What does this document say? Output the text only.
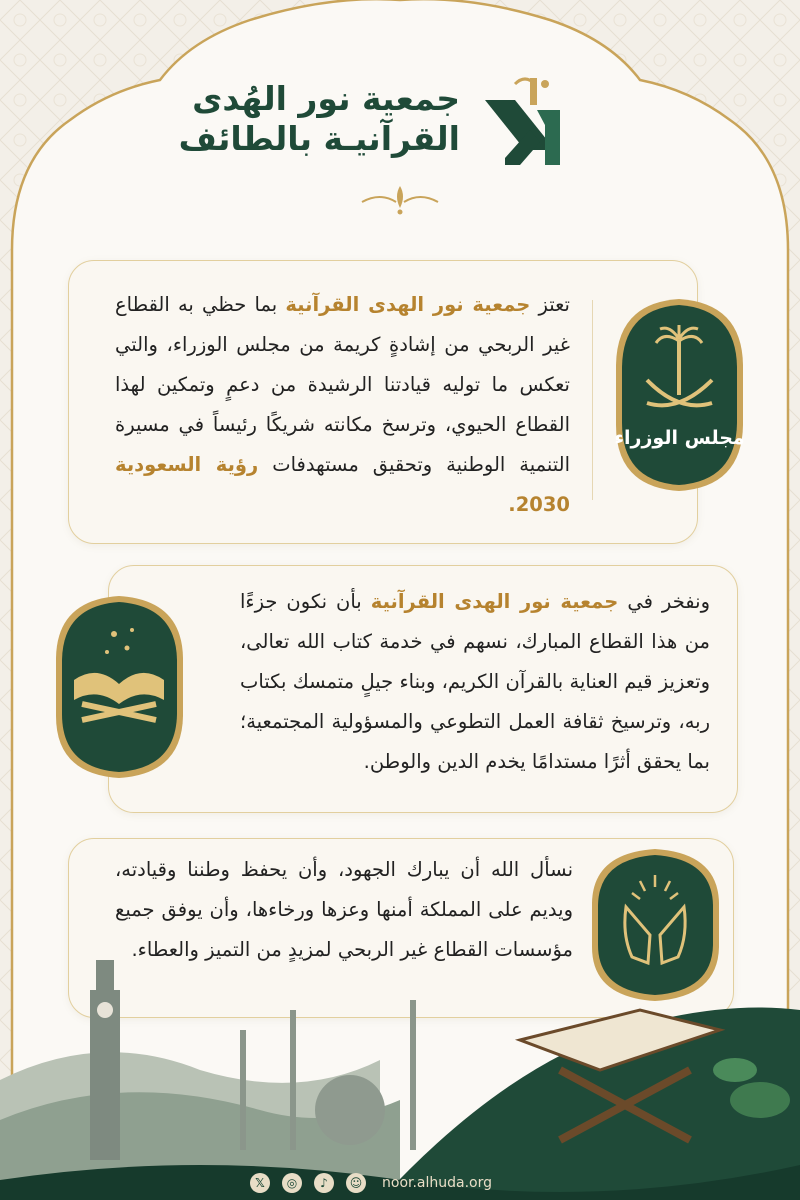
جمعية نور الهُدى
القرآنيـة بالطائف
تعتز جمعية نور الهدى القرآنية بما حظي به القطاع غير الربحي من إشادةٍ كريمة من مجلس الوزراء، والتي تعكس ما توليه قيادتنا الرشيدة من دعمٍ وتمكين لهذا القطاع الحيوي، وترسخ مكانته شريكًا رئيساً في مسيرة التنمية الوطنية وتحقيق مستهدفات رؤية السعودية 2030.
مجلس الوزراء
ونفخر في جمعية نور الهدى القرآنية بأن نكون جزءًا من هذا القطاع المبارك، نسهم في خدمة كتاب الله تعالى، وتعزيز قيم العناية بالقرآن الكريم، وبناء جيلٍ متمسك بكتاب ربه، وترسيخ ثقافة العمل التطوعي والمسؤولية المجتمعية؛ بما يحقق أثرًا مستدامًا يخدم الدين والوطن.
نسأل الله أن يبارك الجهود، وأن يحفظ وطننا وقيادته، ويديم على المملكة أمنها وعزها ورخاءها، وأن يوفق جميع مؤسسات القطاع غير الربحي لمزيدٍ من التميز والعطاء.
𝕏	◎	♪	☺ noor.alhuda.org
